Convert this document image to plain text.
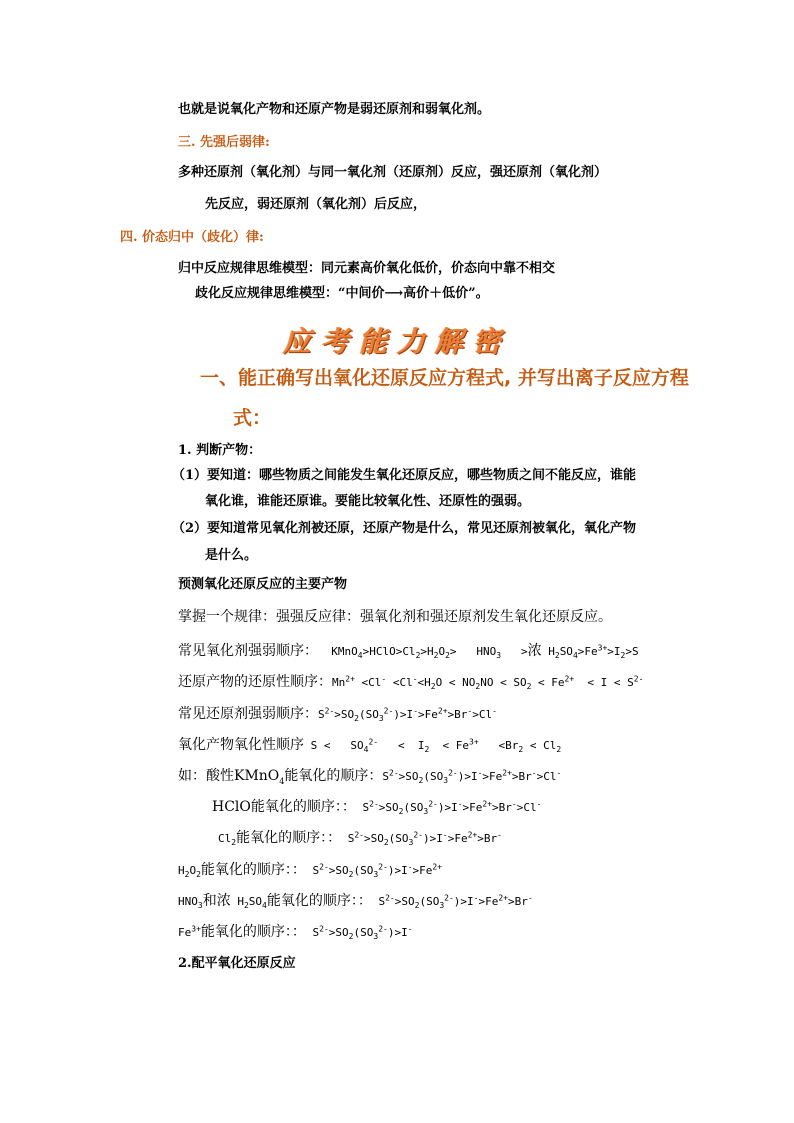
也就是说氧化产物和还原产物是弱还原剂和弱氧化剂。
三. 先强后弱律:
多种还原剂（氧化剂）与同一氧化剂（还原剂）反应，强还原剂（氧化剂）
先反应，弱还原剂（氧化剂）后反应，
四. 价态归中（歧化）律:
归中反应规律思维模型：同元素高价氧化低价，价态向中靠不相交
歧化反应规律思维模型：“中间价⟶高价＋低价”。
应考能力解密
一、能正确写出氧化还原反应方程式, 并写出离子反应方程
式：
1. 判断产物：
（1）要知道：哪些物质之间能发生氧化还原反应，哪些物质之间不能反应，谁能
氧化谁，谁能还原谁。要能比较氧化性、还原性的强弱。
（2）要知道常见氧化剂被还原，还原产物是什么，常见还原剂被氧化，氧化产物
是什么。
预测氧化还原反应的主要产物
掌握一个规律：强强反应律：强氧化剂和强还原剂发生氧化还原反应。
常见氧化剂强弱顺序：  $KMnO_4>HClO>Cl_2>H_2O_2> HNO_3$   >浓 $H_2SO_4>Fe^{3+}>I_2>S$
还原产物的还原性顺序：$Mn^{2+} <Cl^- <Cl^-<H_2O < NO_2NO < SO_2 < Fe^{2+} < I < S^{2-}$
常见还原剂强弱顺序：$S^{2-}>SO_2(SO_3^{2-})>I^->Fe^{2+}>Br^->Cl^-$
氧化产物氧化性顺序 $S < SO_4^{2-} < I_2 < Fe^{3+} <Br_2 < Cl_2$
如：酸性KMnO$_4$能氧化的顺序：$S^{2-}>SO_2(SO_3^{2-})>I^->Fe^{2+}>Br^->Cl^-$
HClO能氧化的顺序：： $S^{2-}>SO_2(SO_3^{2-})>I^->Fe^{2+}>Br^->Cl^-$
$Cl_2$能氧化的顺序：： $S^{2-}>SO_2(SO_3^{2-})>I^->Fe^{2+}>Br^-$
$H_2O_2$能氧化的顺序：： $S^{2-}>SO_2(SO_3^{2-})>I^->Fe^{2+}$
$HNO_3$和浓 $H_2SO_4$能氧化的顺序：： $S^{2-}>SO_2(SO_3^{2-})>I^->Fe^{2+}>Br^-$
$Fe^{3+}$能氧化的顺序：： $S^{2-}>SO_2(SO_3^{2-})>I^-$
2.配平氧化还原反应
